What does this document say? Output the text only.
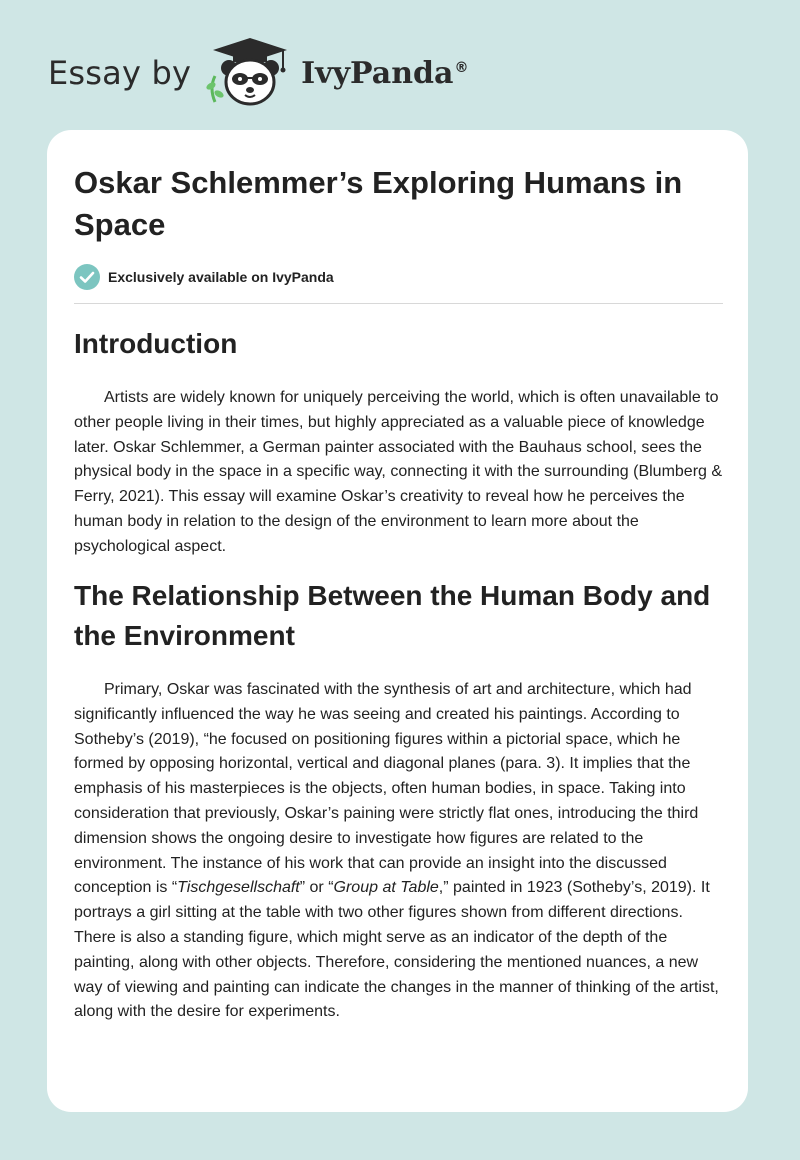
Essay by	IvyPanda®
Oskar Schlemmer’s Exploring Humans in Space
Exclusively available on IvyPanda
Introduction

Artists are widely known for uniquely perceiving the world, which is often unavailable to other people living in their times, but highly appreciated as a valuable piece of knowledge later. Oskar Schlemmer, a German painter associated with the Bauhaus school, sees the physical body in the space in a specific way, connecting it with the surrounding (Blumberg & Ferry, 2021). This essay will examine Oskar’s creativity to reveal how he perceives the human body in relation to the design of the environment to learn more about the psychological aspect.

The Relationship Between the Human Body and the Environment

Primary, Oskar was fascinated with the synthesis of art and architecture, which had significantly influenced the way he was seeing and created his paintings. According to Sotheby’s (2019), “he focused on positioning figures within a pictorial space, which he formed by opposing horizontal, vertical and diagonal planes (para. 3). It implies that the emphasis of his masterpieces is the objects, often human bodies, in space. Taking into consideration that previously, Oskar’s paining were strictly flat ones, introducing the third dimension shows the ongoing desire to investigate how figures are related to the environment. The instance of his work that can provide an insight into the discussed conception is “Tischgesellschaft” or “Group at Table,” painted in 1923 (Sotheby’s, 2019). It portrays a girl sitting at the table with two other figures shown from different directions. There is also a standing figure, which might serve as an indicator of the depth of the painting, along with other objects. Therefore, considering the mentioned nuances, a new way of viewing and painting can indicate the changes in the manner of thinking of the artist, along with the desire for experiments.
